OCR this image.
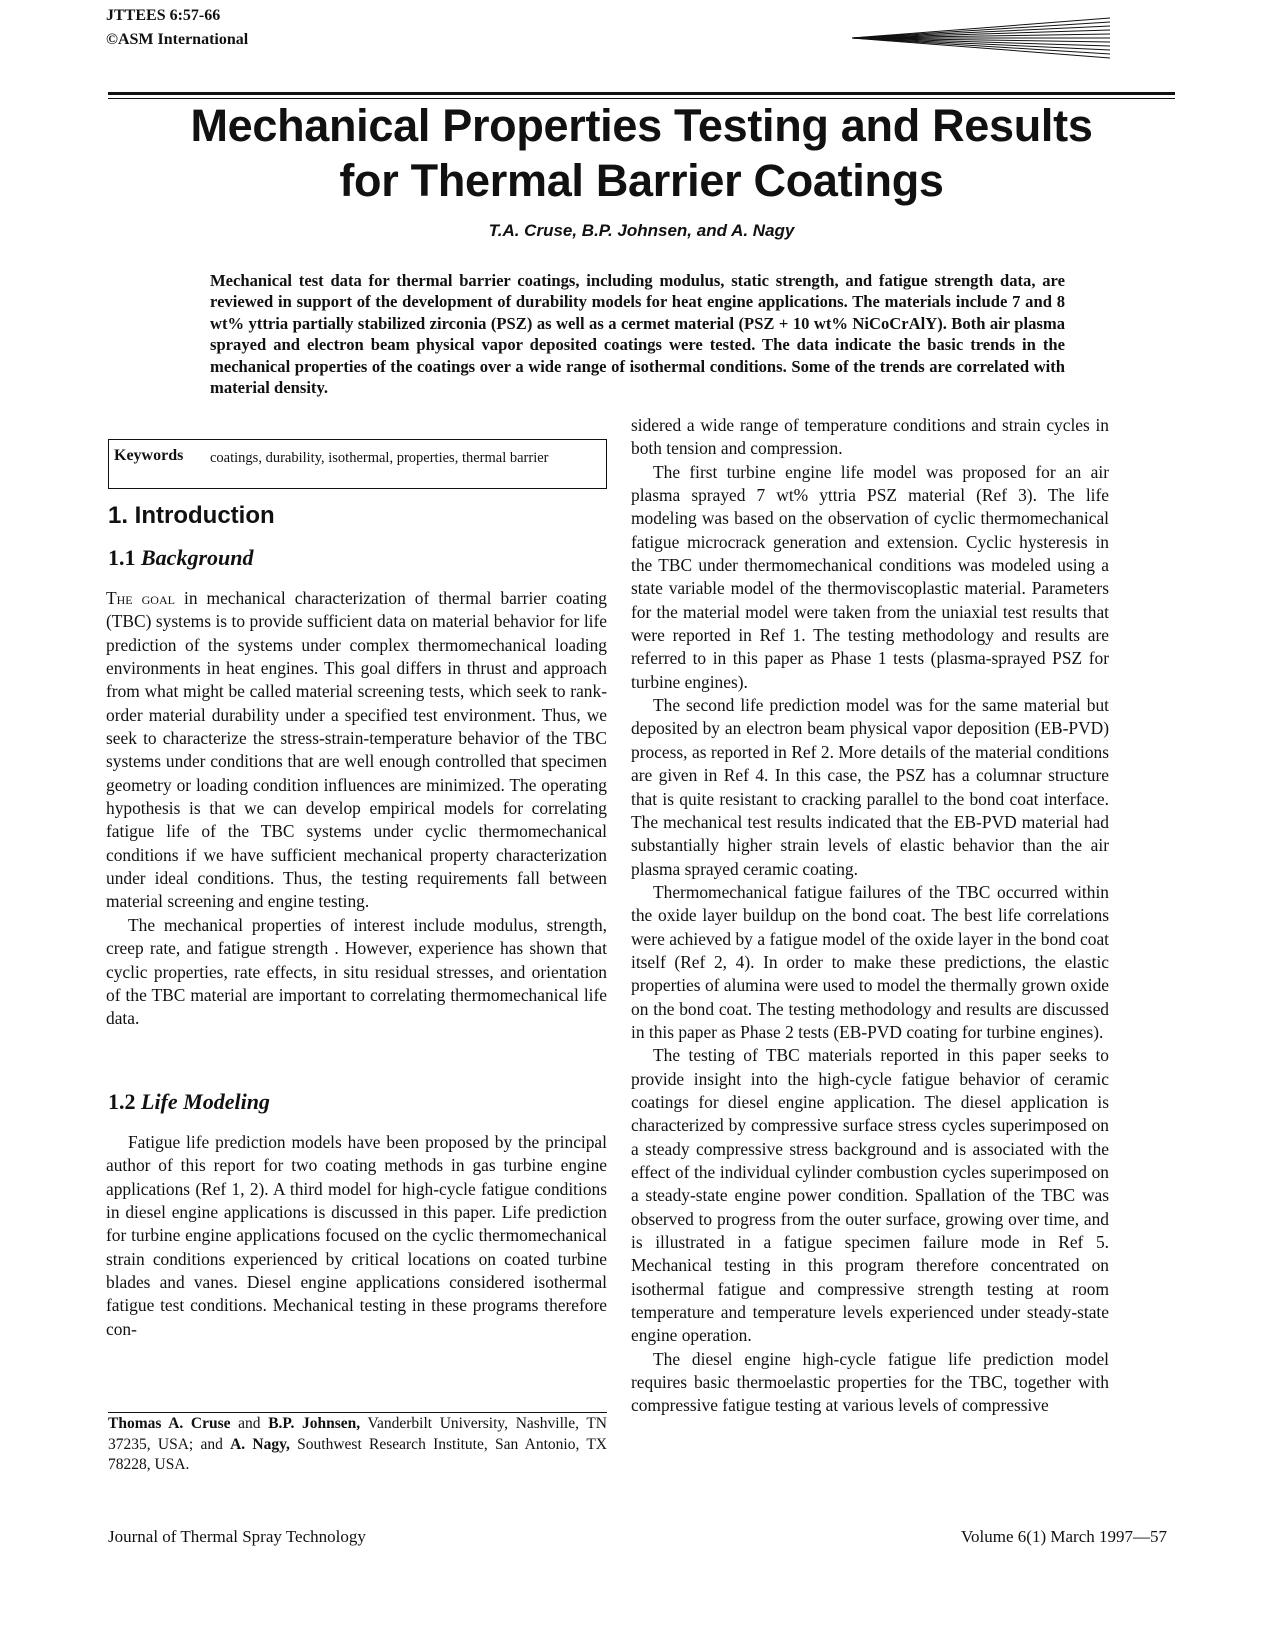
JTTEES 6:57-66
©ASM International
Mechanical Properties Testing and Results
for Thermal Barrier Coatings
T.A. Cruse, B.P. Johnsen, and A. Nagy
Mechanical test data for thermal barrier coatings, including modulus, static strength, and fatigue strength data, are reviewed in support of the development of durability models for heat engine applications. The materials include 7 and 8 wt% yttria partially stabilized zirconia (PSZ) as well as a cermet material (PSZ + 10 wt% NiCoCrAlY). Both air plasma sprayed and electron beam physical vapor deposited coatings were tested. The data indicate the basic trends in the mechanical properties of the coatings over a wide range of isothermal conditions. Some of the trends are correlated with material density.
Keywords coatings, durability, isothermal, properties, thermal barrier
1. Introduction
1.1 Background

The goal in mechanical characterization of thermal barrier coating (TBC) systems is to provide sufficient data on material behavior for life prediction of the systems under complex thermomechanical loading environments in heat engines. This goal differs in thrust and approach from what might be called material screening tests, which seek to rank-order material durability under a specified test environment. Thus, we seek to characterize the stress-strain-temperature behavior of the TBC systems under conditions that are well enough controlled that specimen geometry or loading condition influences are minimized. The operating hypothesis is that we can develop empirical models for correlating fatigue life of the TBC systems under cyclic thermomechanical conditions if we have sufficient mechanical property characterization under ideal conditions. Thus, the testing requirements fall between material screening and engine testing.

The mechanical properties of interest include modulus, strength, creep rate, and fatigue strength . However, experience has shown that cyclic properties, rate effects, in situ residual stresses, and orientation of the TBC material are important to correlating thermomechanical life data.

1.2 Life Modeling

Fatigue life prediction models have been proposed by the principal author of this report for two coating methods in gas turbine engine applications (Ref 1, 2). A third model for high-cycle fatigue conditions in diesel engine applications is discussed in this paper. Life prediction for turbine engine applications focused on the cyclic thermomechanical strain conditions experienced by critical locations on coated turbine blades and vanes. Diesel engine applications considered isothermal fatigue test conditions. Mechanical testing in these programs therefore con-

Thomas A. Cruse and B.P. Johnsen, Vanderbilt University, Nashville, TN 37235, USA; and A. Nagy, Southwest Research Institute, San Antonio, TX 78228, USA.

sidered a wide range of temperature conditions and strain cycles in both tension and compression.

The first turbine engine life model was proposed for an air plasma sprayed 7 wt% yttria PSZ material (Ref 3). The life modeling was based on the observation of cyclic thermomechanical fatigue microcrack generation and extension. Cyclic hysteresis in the TBC under thermomechanical conditions was modeled using a state variable model of the thermoviscoplastic material. Parameters for the material model were taken from the uniaxial test results that were reported in Ref 1. The testing methodology and results are referred to in this paper as Phase 1 tests (plasma-sprayed PSZ for turbine engines).

The second life prediction model was for the same material but deposited by an electron beam physical vapor deposition (EB-PVD) process, as reported in Ref 2. More details of the material conditions are given in Ref 4. In this case, the PSZ has a columnar structure that is quite resistant to cracking parallel to the bond coat interface. The mechanical test results indicated that the EB-PVD material had substantially higher strain levels of elastic behavior than the air plasma sprayed ceramic coating.

Thermomechanical fatigue failures of the TBC occurred within the oxide layer buildup on the bond coat. The best life correlations were achieved by a fatigue model of the oxide layer in the bond coat itself (Ref 2, 4). In order to make these predictions, the elastic properties of alumina were used to model the thermally grown oxide on the bond coat. The testing methodology and results are discussed in this paper as Phase 2 tests (EB-PVD coating for turbine engines).

The testing of TBC materials reported in this paper seeks to provide insight into the high-cycle fatigue behavior of ceramic coatings for diesel engine application. The diesel application is characterized by compressive surface stress cycles superimposed on a steady compressive stress background and is associated with the effect of the individual cylinder combustion cycles superimposed on a steady-state engine power condition. Spallation of the TBC was observed to progress from the outer surface, growing over time, and is illustrated in a fatigue specimen failure mode in Ref 5. Mechanical testing in this program therefore concentrated on isothermal fatigue and compressive strength testing at room temperature and temperature levels experienced under steady-state engine operation.

The diesel engine high-cycle fatigue life prediction model requires basic thermoelastic properties for the TBC, together with compressive fatigue testing at various levels of compressive

Journal of Thermal Spray Technology	Volume 6(1) March 1997—57
